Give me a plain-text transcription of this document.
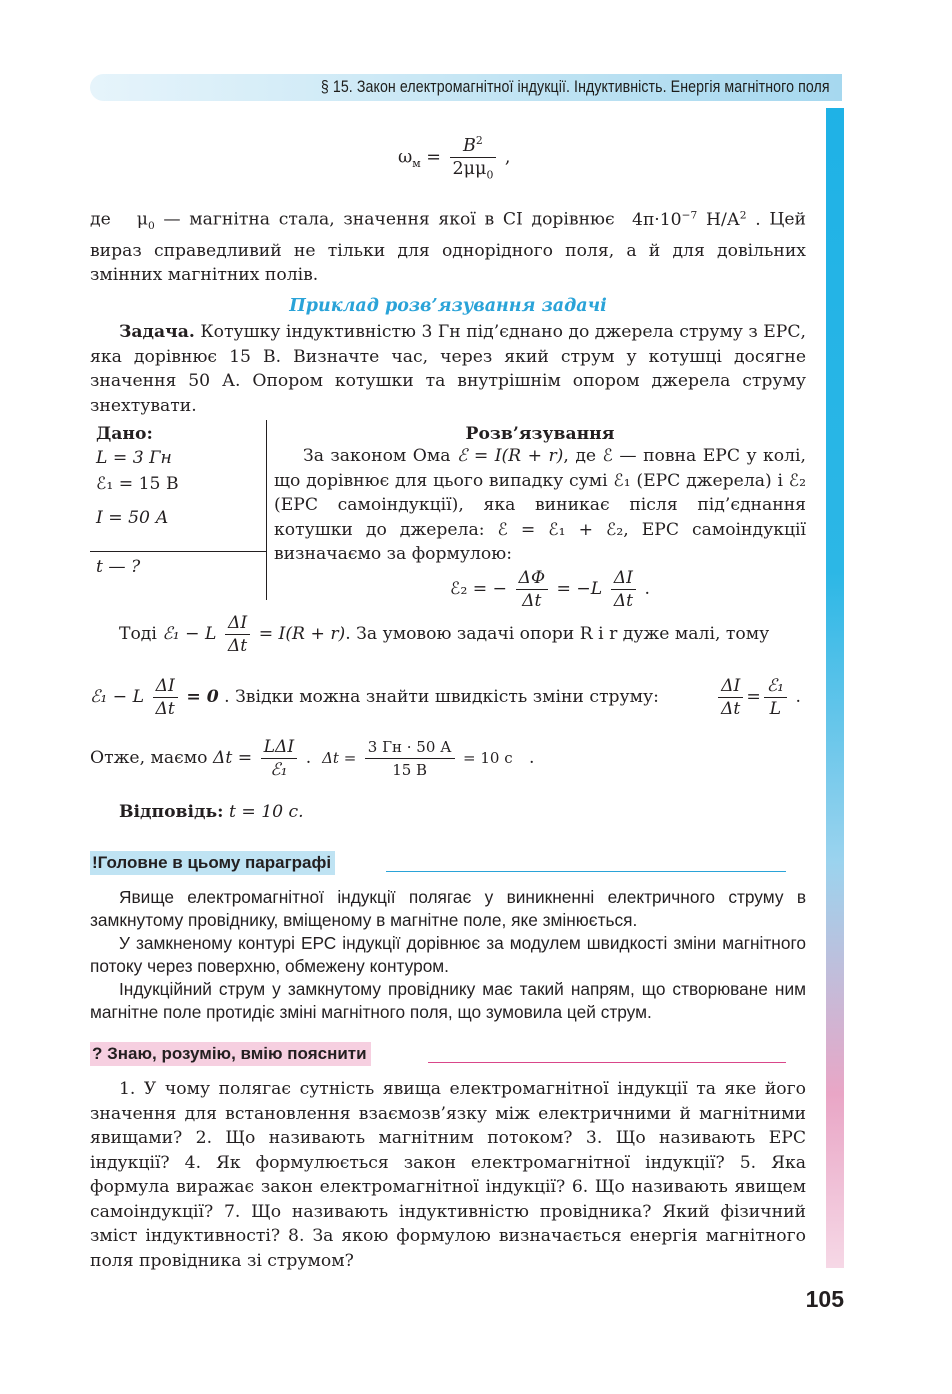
§ 15. Закон електромагнітної індукції. Індуктивність. Енергія магнітного поля
$\omega_м = \frac{B^2}{2\mu\mu_0}$ ,
де $\mu_0$ — магнітна стала, значення якої в СІ дорівнює $4\pi\cdot 10^{-7}$ $Н/А^2$ . Цей вираз справедливий не тільки для однорідного поля, а й для довільних змінних магнітних полів.
Приклад розв’язування задачі
Задача. Котушку індуктивністю 3 Гн під’єднано до джерела струму з ЕРС, яка дорівнює 15 В. Визначте час, через який струм у котушці досягне значення 50 А. Опором котушки та внутрішнім опором джерела струму знехтувати.
Дано:
L = 3 Гн
ℰ₁ = 15 В
I = 50 А
t — ?
Розв’язування
За законом Ома ℰ = I(R + r), де ℰ — повна ЕРС у колі, що дорівнює для цього випадку сумі ℰ₁ (ЕРС джерела) і ℰ₂ (ЕРС самоіндукції), яка виникає після під’єднання котушки до джерела: ℰ = ℰ₁ + ℰ₂, ЕРС самоіндукції визначаємо за формулою:
ℰ₂ = − $\frac{\Delta\Phi}{\Delta t} = -L \frac{\Delta I}{\Delta t}$ .
Тоді ℰ₁ − L $\frac{\Delta I}{\Delta t} = I(R + r)$. За умовою задачі опори R і r дуже малі, тому
ℰ₁ − L $\frac{\Delta I}{\Delta t} = 0$ . Звідки можна знайти швидкість зміни струму:	$\frac{\Delta I}{\Delta t} = \frac{\text{ℰ₁}}{L}$ .
Отже, маємо $\Delta t = \frac{\text{LΔI}}{\text{ℰ₁}}$ . $\Delta t = \frac{3 Гн \cdot 50 А}{15 В} = 10$ с .
Відповідь: t = 10 с.
!Головне в цьому параграфі
Явище електромагнітної індукції полягає у виникненні електричного струму в замкнутому провіднику, вміщеному в магнітне поле, яке змінюється.
У замкненому контурі ЕРС індукції дорівнює за модулем швидкості зміни магнітного потоку через поверхню, обмежену контуром.
Індукційний струм у замкнутому провіднику має такий напрям, що створюване ним магнітне поле протидіє зміні магнітного поля, що зумовила цей струм.
? Знаю, розумію, вмію пояснити
1. У чому полягає сутність явища електромагнітної індукції та яке його значення для встановлення взаємозв’язку між електричними й магнітними явищами? 2. Що називають магнітним потоком? 3. Що називають ЕРС індукції? 4. Як формулюється закон електромагнітної індукції? 5. Яка формула виражає закон електромагнітної індукції? 6. Що називають явищем самоіндукції? 7. Що називають індуктивністю провідника? Який фізичний зміст індуктивності? 8. За якою формулою визначається енергія магнітного поля провідника зі струмом?
105
